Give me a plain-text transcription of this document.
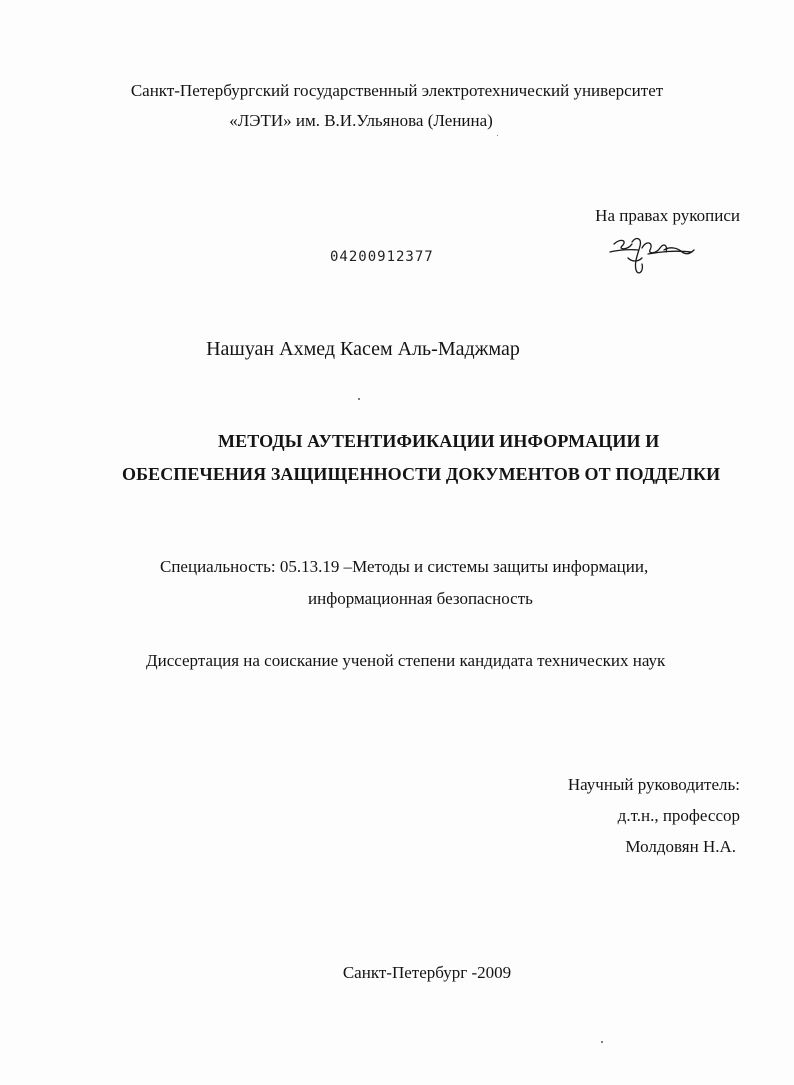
Санкт-Петербургский государственный электротехнический университет
«ЛЭТИ» им. В.И.Ульянова (Ленина)
На правах рукописи
04200912377
Нашуан Ахмед Касем Аль-Маджмар
МЕТОДЫ АУТЕНТИФИКАЦИИ ИНФОРМАЦИИ И
ОБЕСПЕЧЕНИЯ ЗАЩИЩЕННОСТИ ДОКУМЕНТОВ ОТ ПОДДЕЛКИ
Специальность: 05.13.19 –Методы и системы защиты информации,
информационная безопасность
Диссертация на соискание ученой степени кандидата технических наук
Научный руководитель:
д.т.н., профессор
Молдовян Н.А.
Санкт-Петербург -2009
